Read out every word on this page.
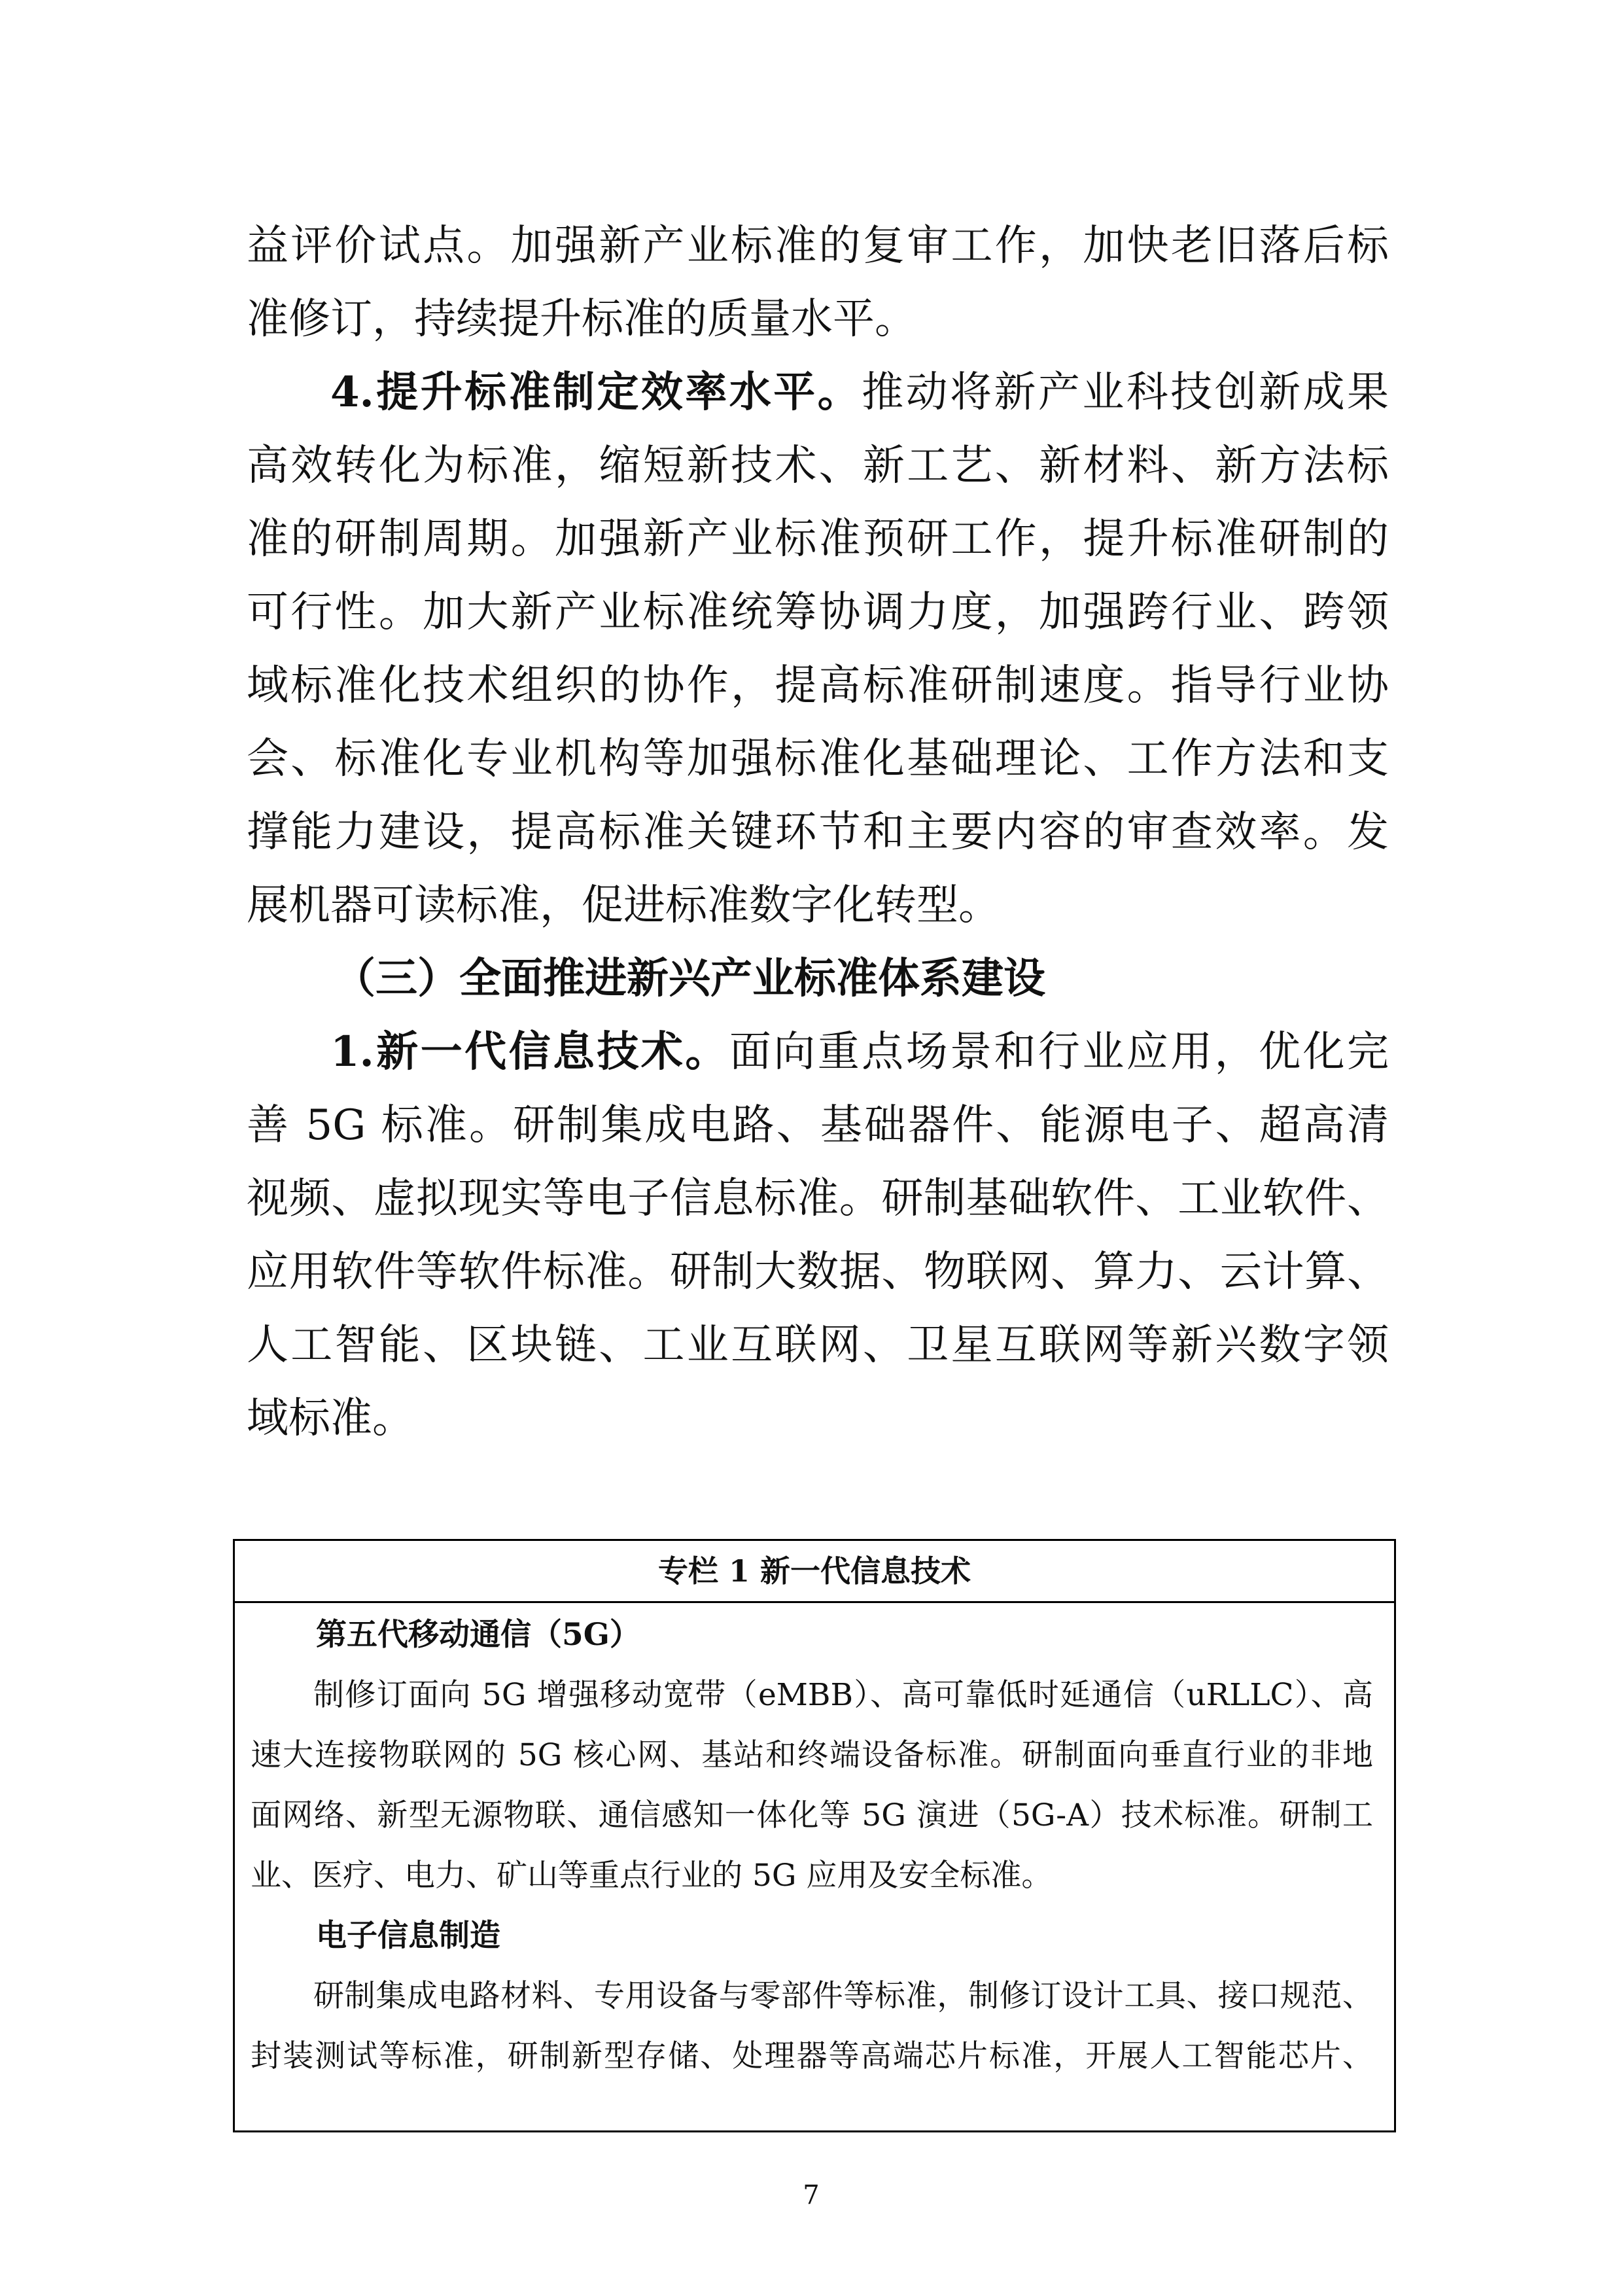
益评价试点。加强新产业标准的复审工作，加快老旧落后标
准修订，持续提升标准的质量水平。
4.提升标准制定效率水平。推动将新产业科技创新成果
高效转化为标准，缩短新技术、新工艺、新材料、新方法标
准的研制周期。加强新产业标准预研工作，提升标准研制的
可行性。加大新产业标准统筹协调力度，加强跨行业、跨领
域标准化技术组织的协作，提高标准研制速度。指导行业协
会、标准化专业机构等加强标准化基础理论、工作方法和支
撑能力建设，提高标准关键环节和主要内容的审查效率。发
展机器可读标准，促进标准数字化转型。
（三）全面推进新兴产业标准体系建设
1.新一代信息技术。面向重点场景和行业应用，优化完
善 5G 标准。研制集成电路、基础器件、能源电子、超高清
视频、虚拟现实等电子信息标准。研制基础软件、工业软件、
应用软件等软件标准。研制大数据、物联网、算力、云计算、
人工智能、区块链、工业互联网、卫星互联网等新兴数字领
域标准。
专栏 1 新一代信息技术
第五代移动通信（5G）
制修订面向 5G 增强移动宽带（eMBB）、高可靠低时延通信（uRLLC）、高
速大连接物联网的 5G 核心网、基站和终端设备标准。研制面向垂直行业的非地
面网络、新型无源物联、通信感知一体化等 5G 演进（5G-A）技术标准。研制工
业、医疗、电力、矿山等重点行业的 5G 应用及安全标准。
电子信息制造
研制集成电路材料、专用设备与零部件等标准，制修订设计工具、接口规范、
封装测试等标准，研制新型存储、处理器等高端芯片标准，开展人工智能芯片、
7
